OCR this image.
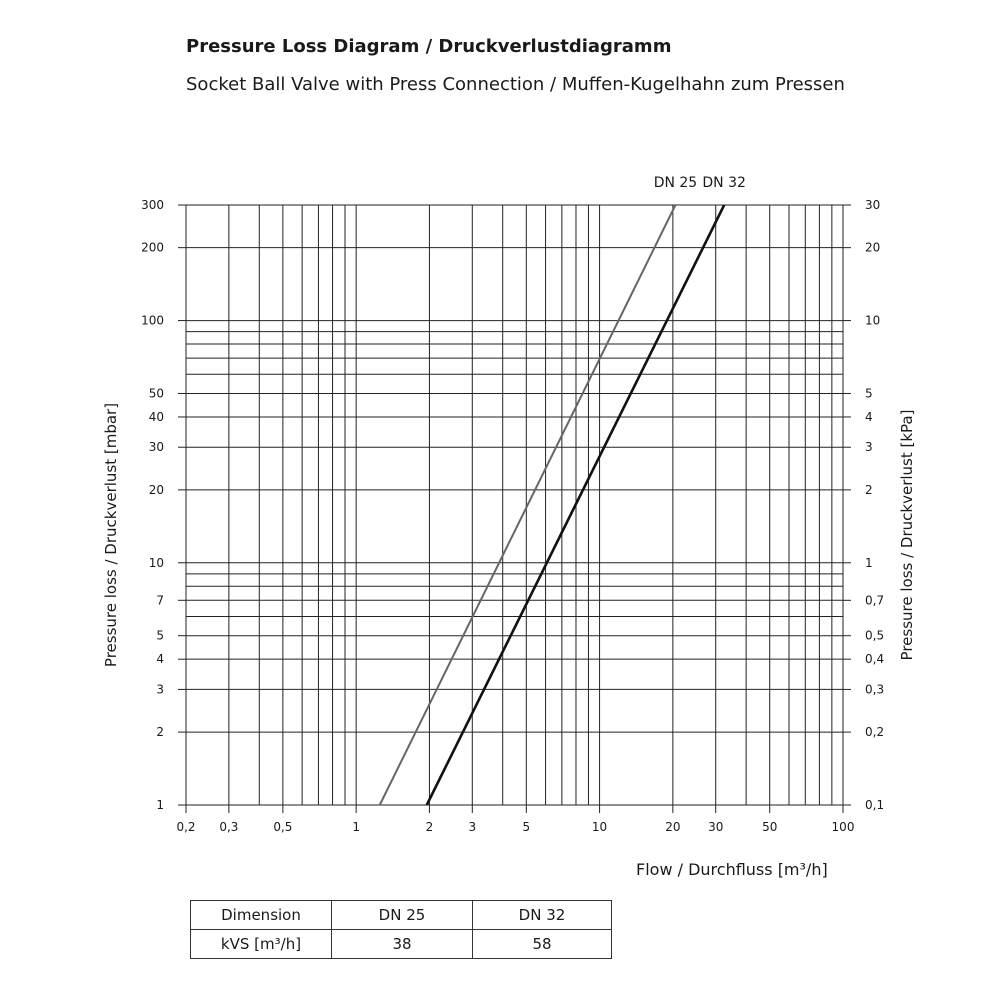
Pressure Loss Diagram / Druckverlustdiagramm
Socket Ball Valve with Press Connection / Muffen-Kugelhahn zum Pressen
1
2
3
4
5
7
10
20
30
40
50
100
200
300
0,1
0,2
0,3
0,4
0,5
0,7
1
2
3
4
5
10
20
30
0,2 0,3	0,5	1	2	3	5	10	20 30	50	100
DN 25 DN 32
Pressure loss / Druckverlust [mbar]	Pressure loss / Druckverlust [kPa]
Flow / Durchfluss [m³/h]
Dimension	DN 25	DN 32
kVS [m³/h]	38	58
